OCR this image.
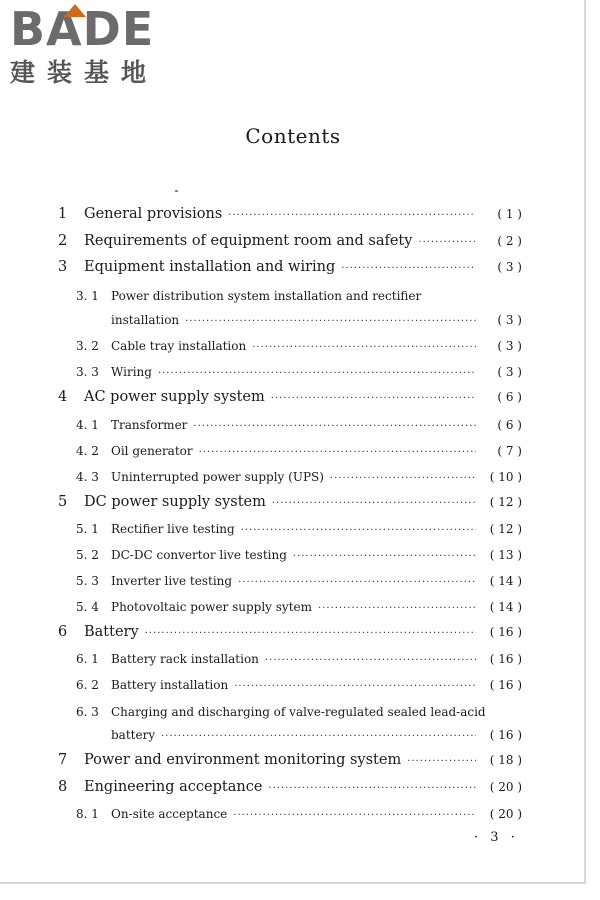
BADE
建装基地
Contents
1	General provisions ·····	( 1 )
2	Requirements of equipment room and safety ·····	( 2 )
3	Equipment installation and wiring ·····	( 3 )
3. 1	Power distribution system installation and rectifier
installation ·····	( 3 )
3. 2	Cable tray installation ·····	( 3 )
3. 3	Wiring ·····	( 3 )
4	AC power supply system ·····	( 6 )
4. 1	Transformer ·····	( 6 )
4. 2	Oil generator ·····	( 7 )
4. 3	Uninterrupted power supply (UPS) ·····	( 10 )
5	DC power supply system ·····	( 12 )
5. 1	Rectifier live testing ·····	( 12 )
5. 2	DC-DC convertor live testing ·····	( 13 )
5. 3	Inverter live testing ·····	( 14 )
5. 4	Photovoltaic power supply sytem ·····	( 14 )
6	Battery ·····	( 16 )
6. 1	Battery rack installation ·····	( 16 )
6. 2	Battery installation ·····	( 16 )
6. 3	Charging and discharging of valve-regulated sealed lead-acid
battery ·····	( 16 )
7	Power and environment monitoring system ·····	( 18 )
8	Engineering acceptance ·····	( 20 )
8. 1	On-site acceptance ·····	( 20 )
· 3 ·
